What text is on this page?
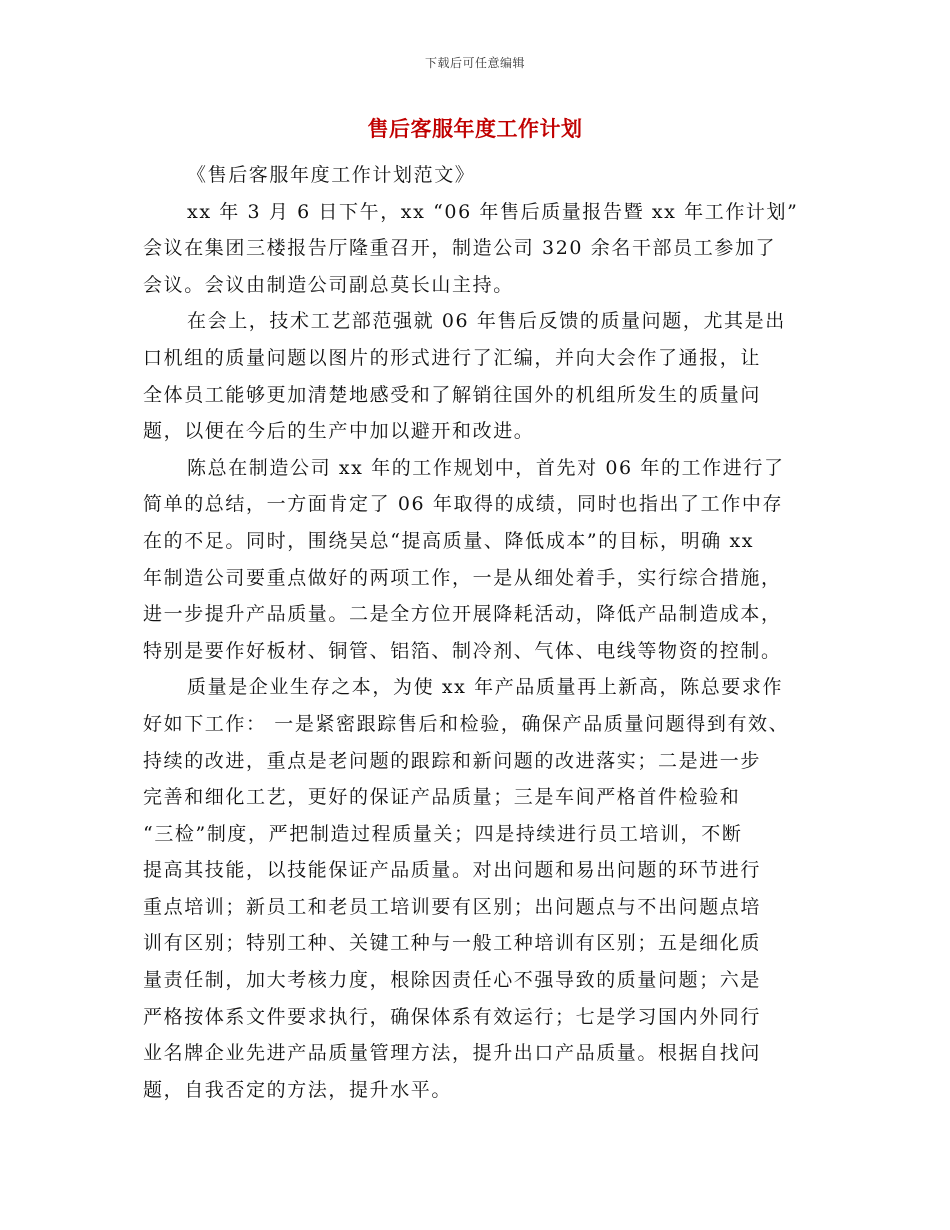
下载后可任意编辑
售后客服年度工作计划
《售后客服年度工作计划范文》
xx 年 3 月 6 日下午，xx “06 年售后质量报告暨 xx 年工作计划”
会议在集团三楼报告厅隆重召开，制造公司 320 余名干部员工参加了
会议。会议由制造公司副总莫长山主持。
在会上，技术工艺部范强就 06 年售后反馈的质量问题，尤其是出
口机组的质量问题以图片的形式进行了汇编，并向大会作了通报，让
全体员工能够更加清楚地感受和了解销往国外的机组所发生的质量问
题，以便在今后的生产中加以避开和改进。
陈总在制造公司 xx 年的工作规划中，首先对 06 年的工作进行了
简单的总结，一方面肯定了 06 年取得的成绩，同时也指出了工作中存
在的不足。同时，围绕吴总“提高质量、降低成本”的目标，明确 xx
年制造公司要重点做好的两项工作，一是从细处着手，实行综合措施，
进一步提升产品质量。二是全方位开展降耗活动，降低产品制造成本，
特别是要作好板材、铜管、铝箔、制冷剂、气体、电线等物资的控制。
质量是企业生存之本，为使 xx 年产品质量再上新高，陈总要求作
好如下工作： 一是紧密跟踪售后和检验，确保产品质量问题得到有效、
持续的改进，重点是老问题的跟踪和新问题的改进落实；二是进一步
完善和细化工艺，更好的保证产品质量；三是车间严格首件检验和
“三检”制度，严把制造过程质量关；四是持续进行员工培训，不断
提高其技能，以技能保证产品质量。对出问题和易出问题的环节进行
重点培训；新员工和老员工培训要有区别；出问题点与不出问题点培
训有区别；特别工种、关键工种与一般工种培训有区别；五是细化质
量责任制，加大考核力度，根除因责任心不强导致的质量问题；六是
严格按体系文件要求执行，确保体系有效运行；七是学习国内外同行
业名牌企业先进产品质量管理方法，提升出口产品质量。根据自找问
题，自我否定的方法，提升水平。
